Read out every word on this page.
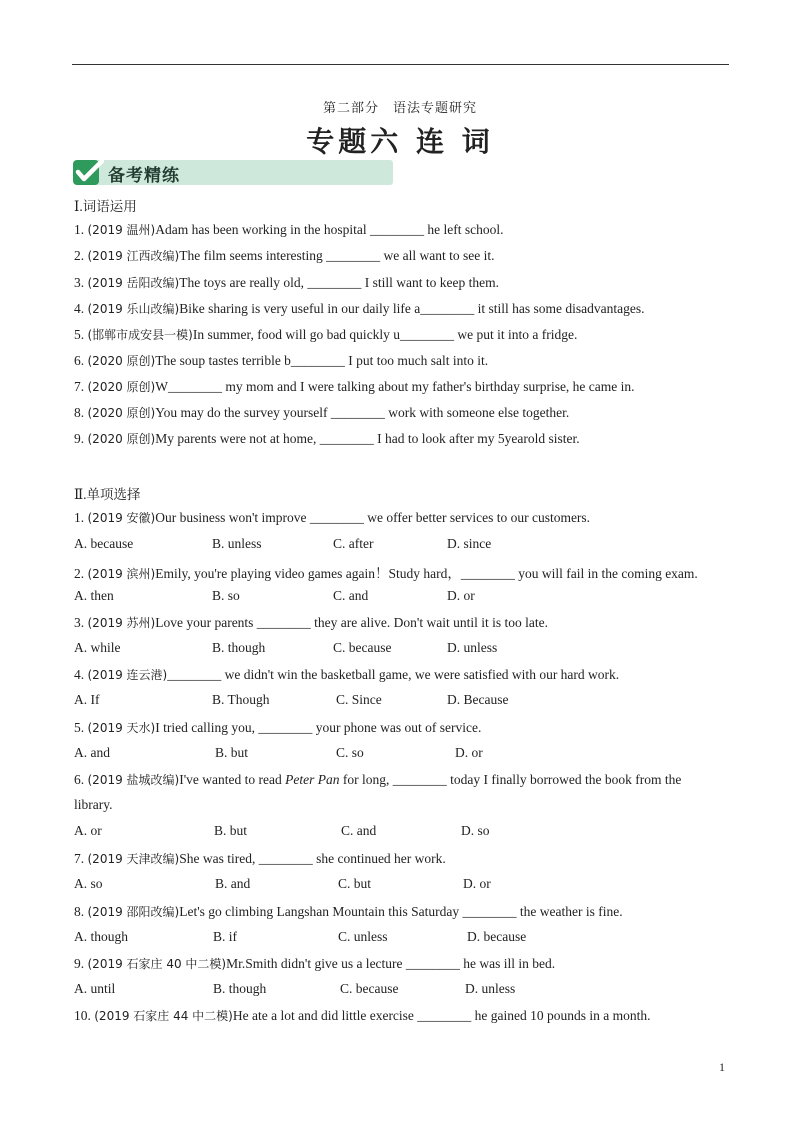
第二部分　语法专题研究
专题六 连 词
备考精练
Ⅰ.词语运用
1. (2019 温州)Adam has been working in the hospital ________ he left school.
2. (2019 江西改编)The film seems interesting ________ we all want to see it.
3. (2019 岳阳改编)The toys are really old, ________ I still want to keep them.
4. (2019 乐山改编)Bike sharing is very useful in our daily life a________ it still has some disadvantages.
5. (邯郸市成安县一模)In summer, food will go bad quickly u________ we put it into a fridge.
6. (2020 原创)The soup tastes terrible b________ I put too much salt into it.
7. (2020 原创)W________ my mom and I were talking about my father's birthday surprise, he came in.
8. (2020 原创)You may do the survey yourself ________ work with someone else together.
9. (2020 原创)My parents were not at home, ________ I had to look after my 5yearold sister.
Ⅱ.单项选择
1. (2019 安徽)Our business won't improve ________ we offer better services to our customers.
A. because	B. unless	C. after	D. since
2. (2019 滨州)Emily, you're playing video games again！Study hard，________ you will fail in the coming exam.
A. then	B. so	C. and	D. or
3. (2019 苏州)Love your parents ________ they are alive. Don't wait until it is too late.
A. while	B. though	C. because	D. unless
4. (2019 连云港)________ we didn't win the basketball game, we were satisfied with our hard work.
A. If	B. Though	C. Since	D. Because
5. (2019 天水)I tried calling you, ________ your phone was out of service.
A. and	B. but	C. so	D. or
6. (2019 盐城改编)I've wanted to read Peter Pan for long, ________ today I finally borrowed the book from the
library.
A. or	B. but	C. and	D. so
7. (2019 天津改编)She was tired, ________ she continued her work.
A. so	B. and	C. but	D. or
8. (2019 邵阳改编)Let's go climbing Langshan Mountain this Saturday ________ the weather is fine.
A. though	B. if	C. unless	D. because
9. (2019 石家庄 40 中二模)Mr.Smith didn't give us a lecture ________ he was ill in bed.
A. until	B. though	C. because	D. unless
10. (2019 石家庄 44 中二模)He ate a lot and did little exercise ________ he gained 10 pounds in a month.
1
